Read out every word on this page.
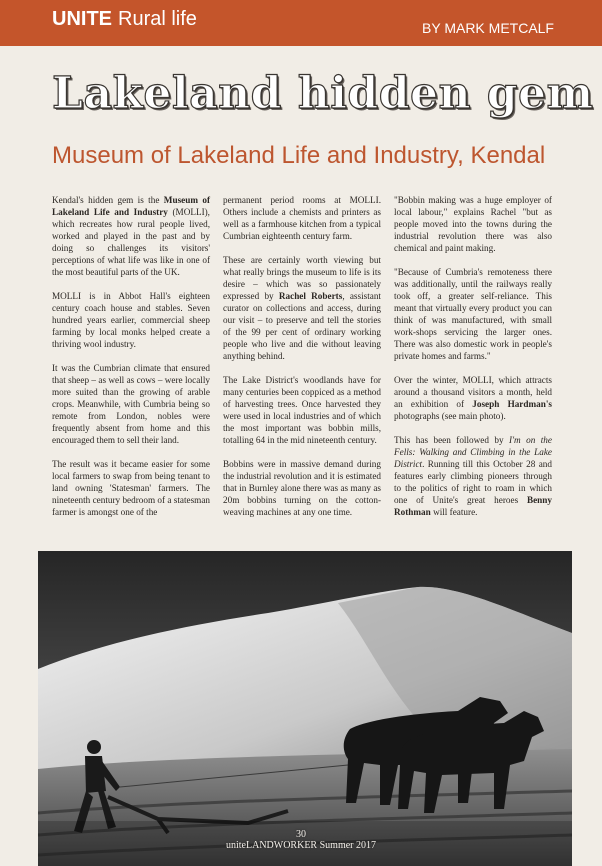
UNITE Rural life	BY MARK METCALF
Lakeland hidden gem
Museum of Lakeland Life and Industry, Kendal

Kendal's hidden gem is the Museum of Lakeland Life and Industry (MOLLI), which recreates how rural people lived, worked and played in the past and by doing so challenges its visitors' perceptions of what life was like in one of the most beautiful parts of the UK.

MOLLI is in Abbot Hall's eighteen century coach house and stables. Seven hundred years earlier, commercial sheep farming by local monks helped create a thriving wool industry.

It was the Cumbrian climate that ensured that sheep – as well as cows – were locally more suited than the growing of arable crops. Meanwhile, with Cumbria being so remote from London, nobles were frequently absent from home and this encouraged them to sell their land.

The result was it became easier for some local farmers to swap from being tenant to land owning 'Statesman' farmers. The nineteenth century bedroom of a statesman farmer is amongst one of the

permanent period rooms at MOLLI. Others include a chemists and printers as well as a farmhouse kitchen from a typical Cumbrian eighteenth century farm.

These are certainly worth viewing but what really brings the museum to life is its desire – which was so passionately expressed by Rachel Roberts, assistant curator on collections and access, during our visit – to preserve and tell the stories of the 99 per cent of ordinary working people who live and die without leaving anything behind.

The Lake District's woodlands have for many centuries been coppiced as a method of harvesting trees. Once harvested they were used in local industries and of which the most important was bobbin mills, totalling 64 in the mid nineteenth century.

Bobbins were in massive demand during the industrial revolution and it is estimated that in Burnley alone there was as many as 20m bobbins turning on the cotton-weaving machines at any one time.

"Bobbin making was a huge employer of local labour," explains Rachel "but as people moved into the towns during the industrial revolution there was also chemical and paint making.

"Because of Cumbria's remoteness there was additionally, until the railways really took off, a greater self-reliance. This meant that virtually every product you can think of was manufactured, with small work-shops servicing the larger ones. There was also domestic work in people's private homes and farms."

Over the winter, MOLLI, which attracts around a thousand visitors a month, held an exhibition of Joseph Hardman's photographs (see main photo).

This has been followed by I'm on the Fells: Walking and Climbing in the Lake District. Running till this October 28 and features early climbing pioneers through to the politics of right to roam in which one of Unite's great heroes Benny Rothman will feature.

30
uniteLANDWORKER Summer 2017
